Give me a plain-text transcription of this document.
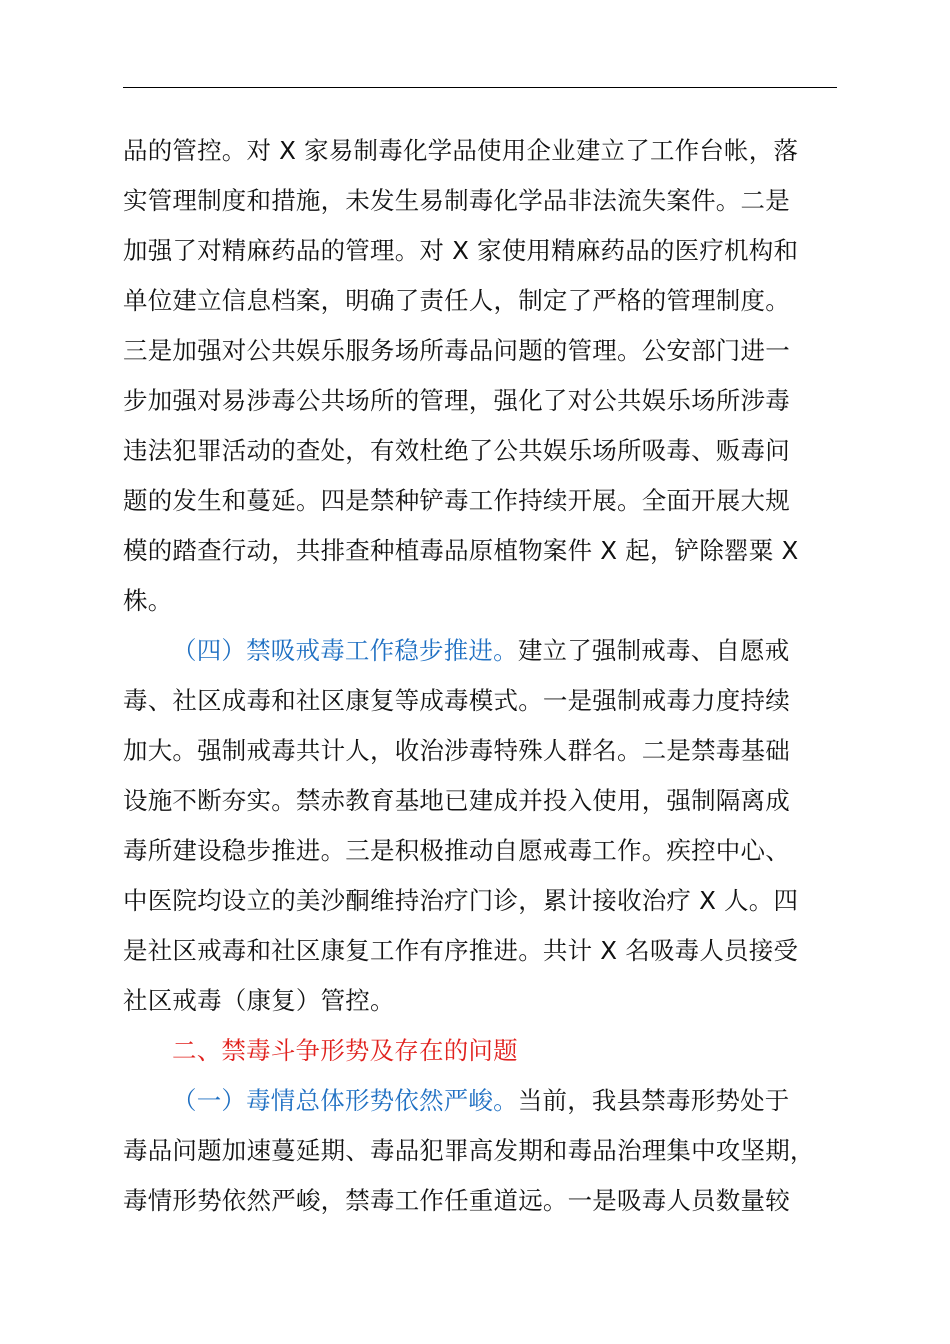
品的管控。对 X 家易制毒化学品使用企业建立了工作台帐，落
实管理制度和措施，未发生易制毒化学品非法流失案件。二是
加强了对精麻药品的管理。对 X 家使用精麻药品的医疗机构和
单位建立信息档案，明确了责任人，制定了严格的管理制度。
三是加强对公共娱乐服务场所毒品问题的管理。公安部门进一
步加强对易涉毒公共场所的管理，强化了对公共娱乐场所涉毒
违法犯罪活动的查处，有效杜绝了公共娱乐场所吸毒、贩毒问
题的发生和蔓延。四是禁种铲毒工作持续开展。全面开展大规
模的踏查行动，共排查种植毒品原植物案件 X 起，铲除罂粟 X
株。
（四）禁吸戒毒工作稳步推进。建立了强制戒毒、自愿戒
毒、社区成毒和社区康复等成毒模式。一是强制戒毒力度持续
加大。强制戒毒共计人，收治涉毒特殊人群名。二是禁毒基础
设施不断夯实。禁赤教育基地已建成并投入使用，强制隔离成
毒所建设稳步推进。三是积极推动自愿戒毒工作。疾控中心、
中医院均设立的美沙酮维持治疗门诊，累计接收治疗 X 人。四
是社区戒毒和社区康复工作有序推进。共计 X 名吸毒人员接受
社区戒毒（康复）管控。
二、禁毒斗争形势及存在的问题
（一）毒情总体形势依然严峻。当前，我县禁毒形势处于
毒品问题加速蔓延期、毒品犯罪高发期和毒品治理集中攻坚期，
毒情形势依然严峻，禁毒工作任重道远。一是吸毒人员数量较
